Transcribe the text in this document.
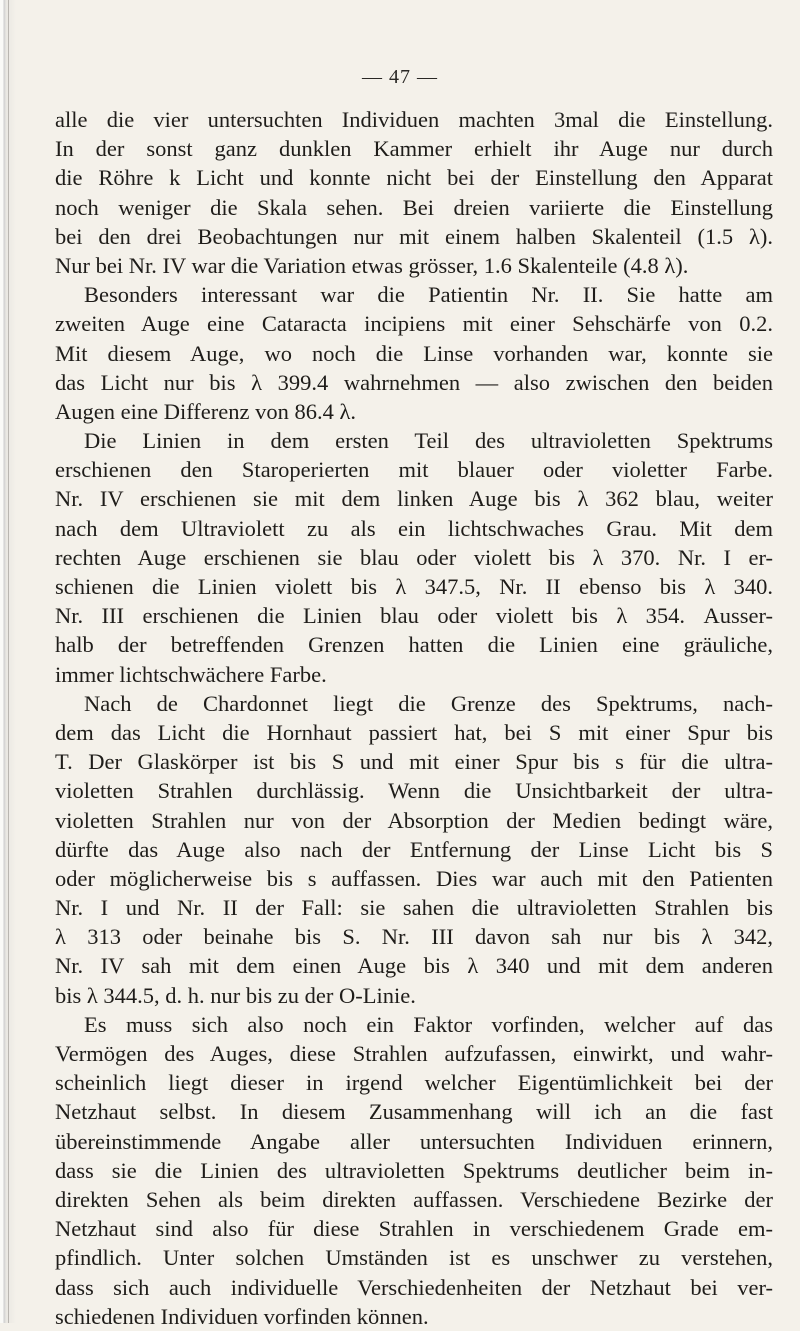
— 47 —
alle die vier untersuchten Individuen machten 3mal die Einstellung.
In der sonst ganz dunklen Kammer erhielt ihr Auge nur durch
die Röhre k Licht und konnte nicht bei der Einstellung den Apparat
noch weniger die Skala sehen. Bei dreien variierte die Einstellung
bei den drei Beobachtungen nur mit einem halben Skalenteil (1.5 λ).
Nur bei Nr. IV war die Variation etwas grösser, 1.6 Skalenteile (4.8 λ).
Besonders interessant war die Patientin Nr. II. Sie hatte am
zweiten Auge eine Cataracta incipiens mit einer Sehschärfe von 0.2.
Mit diesem Auge, wo noch die Linse vorhanden war, konnte sie
das Licht nur bis λ 399.4 wahrnehmen — also zwischen den beiden
Augen eine Differenz von 86.4 λ.
Die Linien in dem ersten Teil des ultravioletten Spektrums
erschienen den Staroperierten mit blauer oder violetter Farbe.
Nr. IV erschienen sie mit dem linken Auge bis λ 362 blau, weiter
nach dem Ultraviolett zu als ein lichtschwaches Grau. Mit dem
rechten Auge erschienen sie blau oder violett bis λ 370. Nr. I er-
schienen die Linien violett bis λ 347.5, Nr. II ebenso bis λ 340.
Nr. III erschienen die Linien blau oder violett bis λ 354. Ausser-
halb der betreffenden Grenzen hatten die Linien eine gräuliche,
immer lichtschwächere Farbe.
Nach de Chardonnet liegt die Grenze des Spektrums, nach-
dem das Licht die Hornhaut passiert hat, bei S mit einer Spur bis
T. Der Glaskörper ist bis S und mit einer Spur bis s für die ultra-
violetten Strahlen durchlässig. Wenn die Unsichtbarkeit der ultra-
violetten Strahlen nur von der Absorption der Medien bedingt wäre,
dürfte das Auge also nach der Entfernung der Linse Licht bis S
oder möglicherweise bis s auffassen. Dies war auch mit den Patienten
Nr. I und Nr. II der Fall: sie sahen die ultravioletten Strahlen bis
λ 313 oder beinahe bis S. Nr. III davon sah nur bis λ 342,
Nr. IV sah mit dem einen Auge bis λ 340 und mit dem anderen
bis λ 344.5, d. h. nur bis zu der O-Linie.
Es muss sich also noch ein Faktor vorfinden, welcher auf das
Vermögen des Auges, diese Strahlen aufzufassen, einwirkt, und wahr-
scheinlich liegt dieser in irgend welcher Eigentümlichkeit bei der
Netzhaut selbst. In diesem Zusammenhang will ich an die fast
übereinstimmende Angabe aller untersuchten Individuen erinnern,
dass sie die Linien des ultravioletten Spektrums deutlicher beim in-
direkten Sehen als beim direkten auffassen. Verschiedene Bezirke der
Netzhaut sind also für diese Strahlen in verschiedenem Grade em-
pfindlich. Unter solchen Umständen ist es unschwer zu verstehen,
dass sich auch individuelle Verschiedenheiten der Netzhaut bei ver-
schiedenen Individuen vorfinden können.
